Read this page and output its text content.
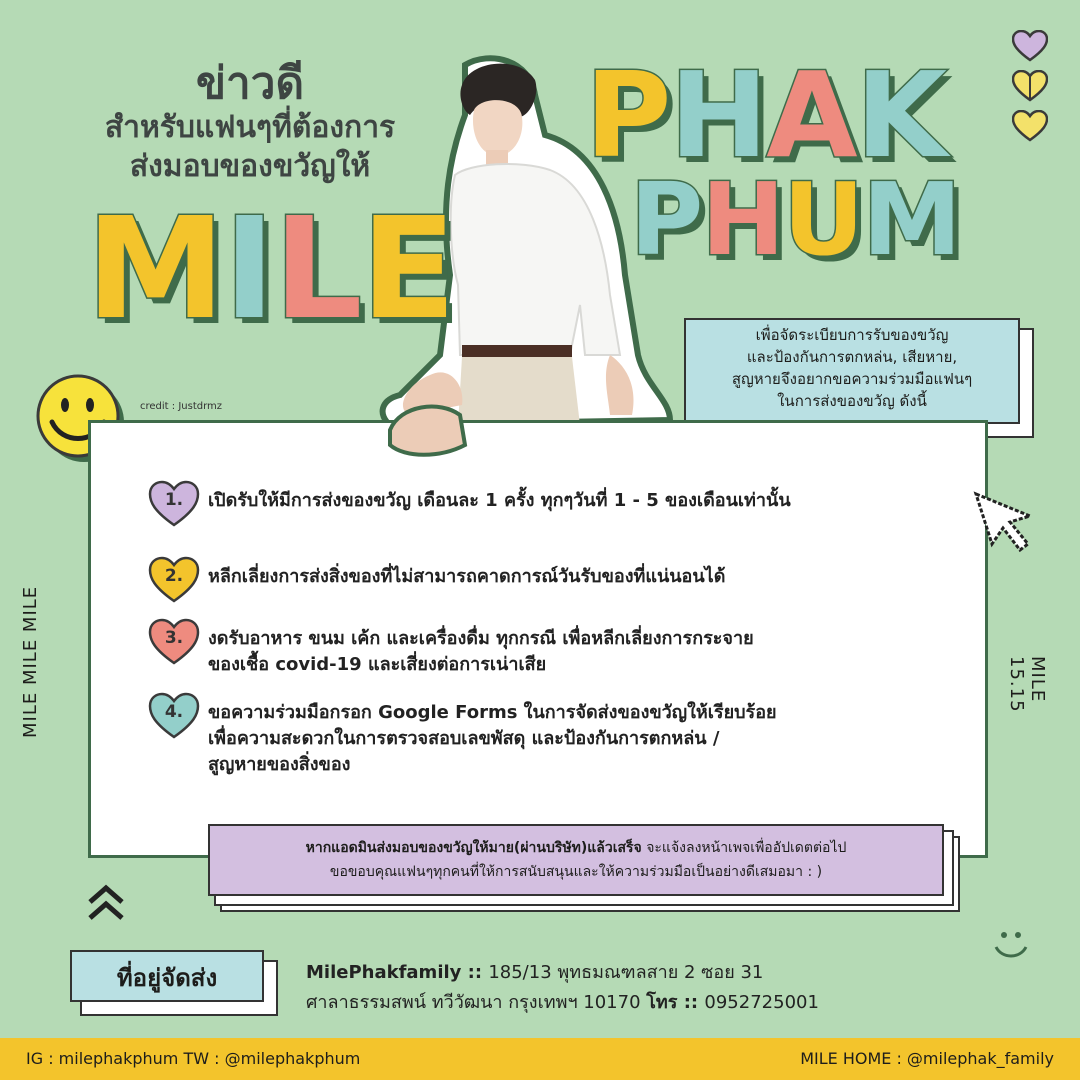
ข่าวดี
สำหรับแฟนๆที่ต้องการ
ส่งมอบของขวัญให้
MILE
PHAK
PHUM
เพื่อจัดระเบียบการรับของขวัญ
และป้องกันการตกหล่น, เสียหาย,
สูญหายจึงอยากขอความร่วมมือแฟนๆ
ในการส่งของขวัญ ดังนี้
credit : Justdrmz
1.	เปิดรับให้มีการส่งของขวัญ เดือนละ 1 ครั้ง ทุกๆวันที่ 1 - 5 ของเดือนเท่านั้น
2.	หลีกเลี่ยงการส่งสิ่งของที่ไม่สามารถคาดการณ์วันรับของที่แน่นอนได้
3.	งดรับอาหาร ขนม เค้ก และเครื่องดื่ม ทุกกรณี เพื่อหลีกเลี่ยงการกระจาย
ของเชื้อ covid-19 และเสี่ยงต่อการเน่าเสีย
4.	ขอความร่วมมือกรอก Google Forms ในการจัดส่งของขวัญให้เรียบร้อย
เพื่อความสะดวกในการตรวจสอบเลขพัสดุ และป้องกันการตกหล่น /
สูญหายของสิ่งของ
MILE MILE MILE	MILE 15.15
หากแอดมินส่งมอบของขวัญให้มาย(ผ่านบริษัท)แล้วเสร็จ จะแจ้งลงหน้าเพจเพื่ออัปเดตต่อไป
ขอขอบคุณแฟนๆทุกคนที่ให้การสนับสนุนและให้ความร่วมมือเป็นอย่างดีเสมอมา : )
ที่อยู่จัดส่ง	MilePhakfamily :: 185/13 พุทธมณฑลสาย 2 ซอย 31
ศาลาธรรมสพน์ ทวีวัฒนา กรุงเทพฯ 10170 โทร :: 0952725001
IG : milephakphum TW : @milephakphum	MILE HOME : @milephak_family
